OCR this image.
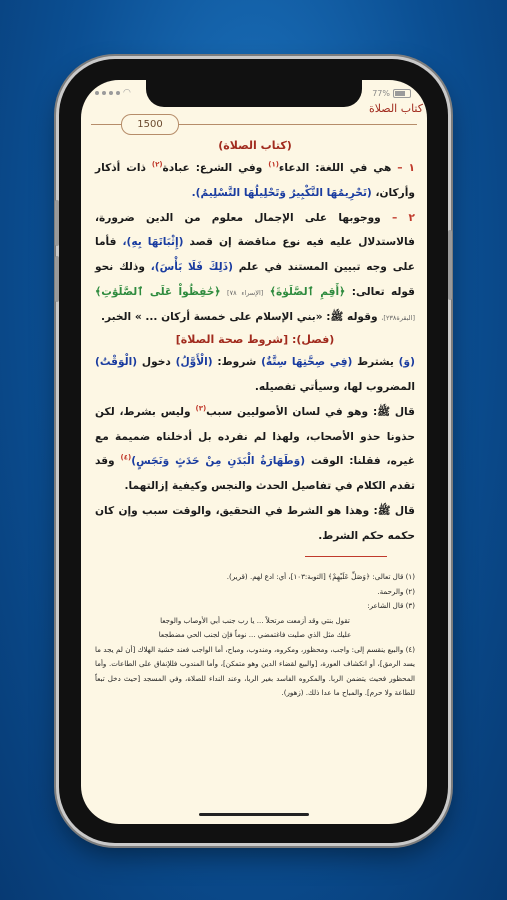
◠	77%
كتاب الصلاة
1500

(كتاب الصلاة)

١ – هي في اللغة: الدعاء$^{(١)}$ وفي الشرع: عبادة$^{(٢)}$ ذات أذكار وأركان، (تَحْرِيمُهَا التَّكْبِيرُ وَتَحْلِيلُهَا التَّسْلِيمُ).

٢ – ووجوبها على الإجمال معلوم من الدين ضرورة، فالاستدلال عليه فيه نوع مناقضة إن قصد (إِثْبَاتَهَا بِهِ)، فأما على وجه تبيين المستند في علم (ذَلِكَ فَلَا بَأْسَ)، وذلك نحو قوله تعالى: ﴿أَقِمِ ٱلصَّلَوٰةَ﴾ [الإسراء ٧٨] ﴿حَٰفِظُواْ عَلَى ٱلصَّلَوَٰتِ﴾ [البقرة٢٣٨]، وقوله ﷺ: «بني الإسلام على خمسة أركان ... » الخبر.

(فصل): [شروط صحة الصلاة]

(وَ) يشترط (فِي صِحَّتِهَا سِتَّةٌ) شروط: (الْأَوَّلُ) دخول (الْوَقْتُ) المضروب لها، وسيأتي تفصيله.

قال ﷺ: وهو في لسان الأصوليين سبب$^{(٣)}$ وليس بشرط، لكن حذونا حذو الأصحاب، ولهذا لم نفرده بل أدخلناه ضميمة مع غيره، فقلنا: الوقت (وَطَهَارَةُ الْبَدَنِ مِنْ حَدَثٍ وَنَجَسٍ)$^{(٤)}$ وقد تقدم الكلام في تفاصيل الحدث والنجس وكيفية إزالتهما.

قال ﷺ: وهذا هو الشرط في التحقيق، والوقت سبب وإن كان حكمه حكم الشرط.

(١) قال تعالى: ﴿وَصَلِّ عَلَيْهِمْ﴾ [التوبة:١٠٣]، أي: ادع لهم. (قرير).

(٢) والرحمة.

(٣) قال الشاعر:

تقول بنتي وقد أزمعت مرتحلاً ... يا رب جنب أبي الأوصاب والوجعا

عليك مثل الذي صليت فاغتمضي ... نوماً فإن لجنب الحي مضطجعا

(٤) والبيع ينقسم إلى: واجب، ومحظور، ومكروه، ومندوب، ومباح، أما الواجب فعند خشية الهلاك [أن لم يجد ما يسد الرمق]، أو انكشاف العورة، [والبيع لقضاء الدين وهو متمكن]، وأما المندوب فللإنفاق على الطاعات. وأما المحظور فحيث يتضمن الربا. والمكروه الفاسد بغير الربا، وعند النداء للصلاة، وفي المسجد [حيث دخل تبعاً للطاعة ولا حرم]. والمباح ما عدا ذلك. (زهور).
